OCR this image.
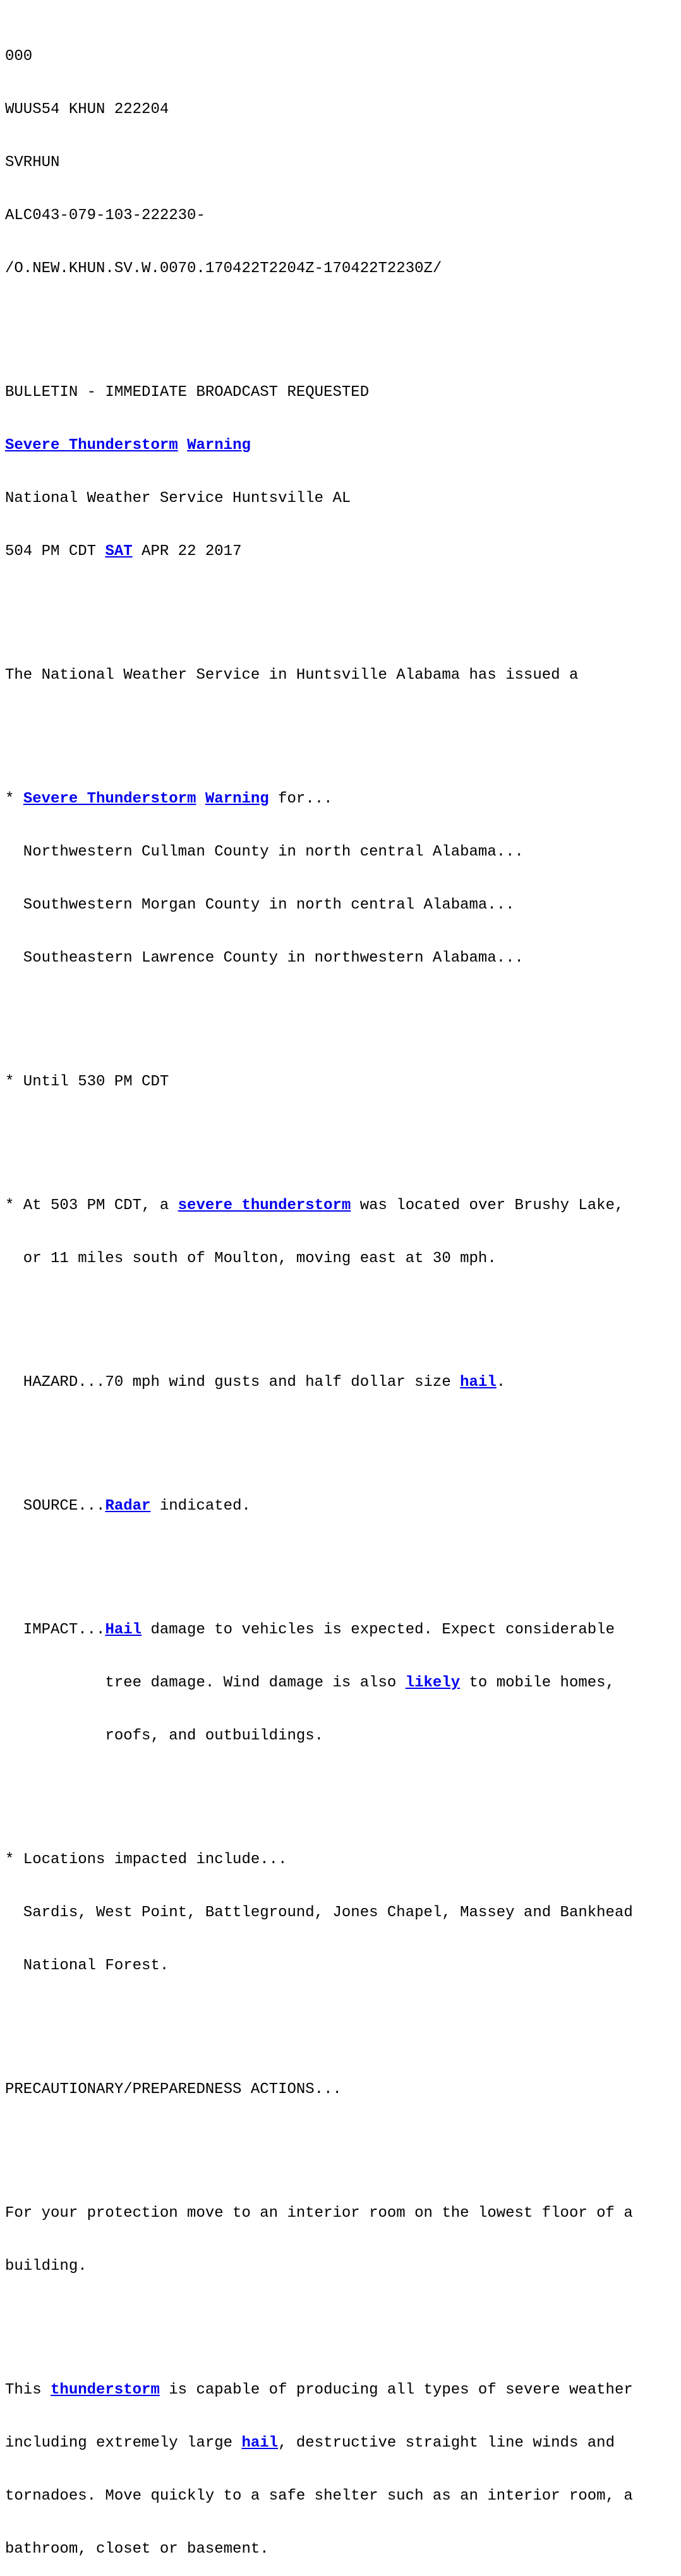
000

WUUS54 KHUN 222204

SVRHUN

ALC043-079-103-222230-

/O.NEW.KHUN.SV.W.0070.170422T2204Z-170422T2230Z/

BULLETIN - IMMEDIATE BROADCAST REQUESTED

Severe Thunderstorm Warning

National Weather Service Huntsville AL

504 PM CDT SAT APR 22 2017

The National Weather Service in Huntsville Alabama has issued a

* Severe Thunderstorm Warning for...

Northwestern Cullman County in north central Alabama...

Southwestern Morgan County in north central Alabama...

Southeastern Lawrence County in northwestern Alabama...

* Until 530 PM CDT

* At 503 PM CDT, a severe thunderstorm was located over Brushy Lake,

or 11 miles south of Moulton, moving east at 30 mph.

HAZARD...70 mph wind gusts and half dollar size hail.

SOURCE...Radar indicated.

IMPACT...Hail damage to vehicles is expected. Expect considerable

tree damage. Wind damage is also likely to mobile homes,

roofs, and outbuildings.

* Locations impacted include...

Sardis, West Point, Battleground, Jones Chapel, Massey and Bankhead

National Forest.

PRECAUTIONARY/PREPAREDNESS ACTIONS...

For your protection move to an interior room on the lowest floor of a

building.

This thunderstorm is capable of producing all types of severe weather

including extremely large hail, destructive straight line winds and

tornadoes. Move quickly to a safe shelter such as an interior room, a

bathroom, closet or basement.
